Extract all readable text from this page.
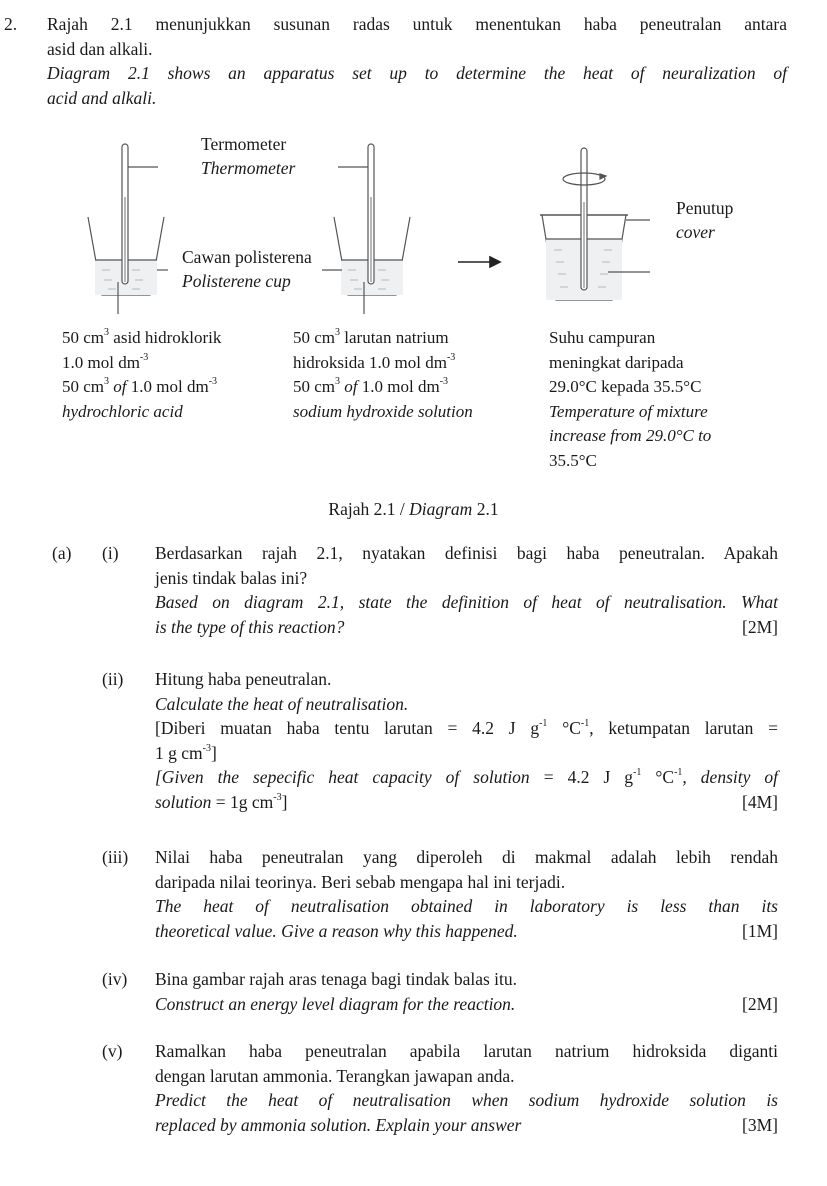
2. Rajah 2.1 menunjukkan susunan radas untuk menentukan haba peneutralan antara
asid dan alkali.
Diagram 2.1 shows an apparatus set up to determine the heat of neuralization of
acid and alkali.
Termometer
Thermometer
Cawan polisterena
Polisterene cup
Penutup
cover
50 $cm^3$ asid hidroklorik
1.0 mol $dm^{-3}$
50 $cm^3$ of 1.0 mol $dm^{-3}$
hydrochloric acid
50 $cm^3$ larutan natrium
hidroksida 1.0 mol $dm^{-3}$
50 $cm^3$ of 1.0 mol $dm^{-3}$
sodium hydroxide solution
Suhu campuran
meningkat daripada
29.0°C kepada 35.5°C
Temperature of mixture
increase from 29.0°C to
35.5°C
Rajah 2.1 / Diagram 2.1
(a) (i) Berdasarkan rajah 2.1, nyatakan definisi bagi haba peneutralan. Apakah
jenis tindak balas ini?
Based on diagram 2.1, state the definition of heat of neutralisation. What
is the type of this reaction?	[2M]
(ii) Hitung haba peneutralan.
Calculate the heat of neutralisation.
[Diberi muatan haba tentu larutan = 4.2 J $g^{-1}$ $^\circ C^{-1}$, ketumpatan larutan =
1 g $cm^{-3}$]
[Given the sepecific heat capacity of solution = 4.2 J $g^{-1}$ $^\circ C^{-1}$, density of
solution = 1g $cm^{-3}$]	[4M]
(iii) Nilai haba peneutralan yang diperoleh di makmal adalah lebih rendah
daripada nilai teorinya. Beri sebab mengapa hal ini terjadi.
The heat of neutralisation obtained in laboratory is less than its
theoretical value. Give a reason why this happened.	[1M]
(iv) Bina gambar rajah aras tenaga bagi tindak balas itu.
Construct an energy level diagram for the reaction.	[2M]
(v) Ramalkan haba peneutralan apabila larutan natrium hidroksida diganti
dengan larutan ammonia. Terangkan jawapan anda.
Predict the heat of neutralisation when sodium hydroxide solution is
replaced by ammonia solution. Explain your answer	[3M]
